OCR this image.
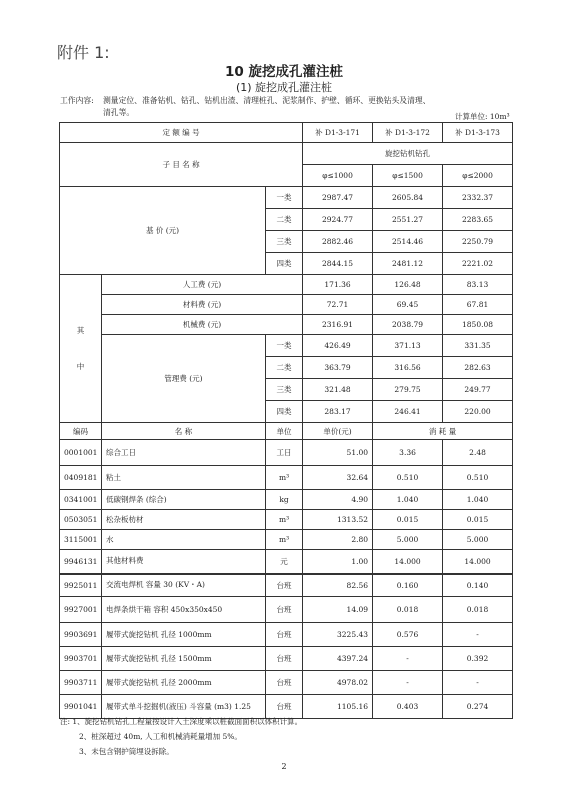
附件 1:
10 旋挖成孔灌注桩
(1) 旋挖成孔灌注桩
工作内容: 测量定位、准备钻机、钻孔、钻机出渣、清理桩孔、泥浆制作、护壁、循环、更换钻头及清理、清孔等。	计算单位: 10m³
定 额 编 号			补 D1-3-171	补 D1-3-172	补 D1-3-173	
子 目 名 称			旋挖钻机钻孔			
			φ≤1000	φ≤1500	φ≤2000	
基 价 (元)		一类	2987.47	2605.84	2332.37	
		二类	2924.77	2551.27	2283.65	
		三类	2882.46	2514.46	2250.79	
		四类	2844.15	2481.12	2221.02	

其
中	人工费 (元)		171.36	126.48	83.13	
	材料费 (元)		72.71	69.45	67.81	
	机械费 (元)		2316.91	2038.79	1850.08	
	管理费 (元)	一类	426.49	371.13	331.35	
		二类	363.79	316.56	282.63	
		三类	321.48	279.75	249.77	
		四类	283.17	246.41	220.00	
编码	名 称	单位	单价(元)	消 耗 量		
0001001	综合工日	工日	51.00	3.36	2.48	
0409181	粘土	m³	32.64	0.510	0.510	
0341001	低碳钢焊条 (综合)	kg	4.90	1.040	1.040	
0503051	松杂板枋材	m³	1313.52	0.015	0.015	
3115001	水	m³	2.80	5.000	5.000	
9946131	其他材料费	元	1.00	14.000	14.000	
9925011	交流电焊机 容量 30 (KV・A)	台班	82.56	0.160	0.140	
9927001	电焊条烘干箱 容积 450x350x450	台班	14.09	0.018	0.018	
9903691	履带式旋挖钻机 孔径 1000mm	台班	3225.43	0.576	-	
9903701	履带式旋挖钻机 孔径 1500mm	台班	4397.24	-	0.392	
9903711	履带式旋挖钻机 孔径 2000mm	台班	4978.02	-	-	
9901041	履带式单斗挖掘机(液压) 斗容量 (m3) 1.25	台班	1105.16	0.403	0.274	
注: 1、旋挖钻机钻孔工程量按设计入土深度乘以桩截面面积以体积计算。
2、桩深超过 40m, 人工和机械消耗量增加 5%。
3、未包含钢护筒埋设拆除。
2
